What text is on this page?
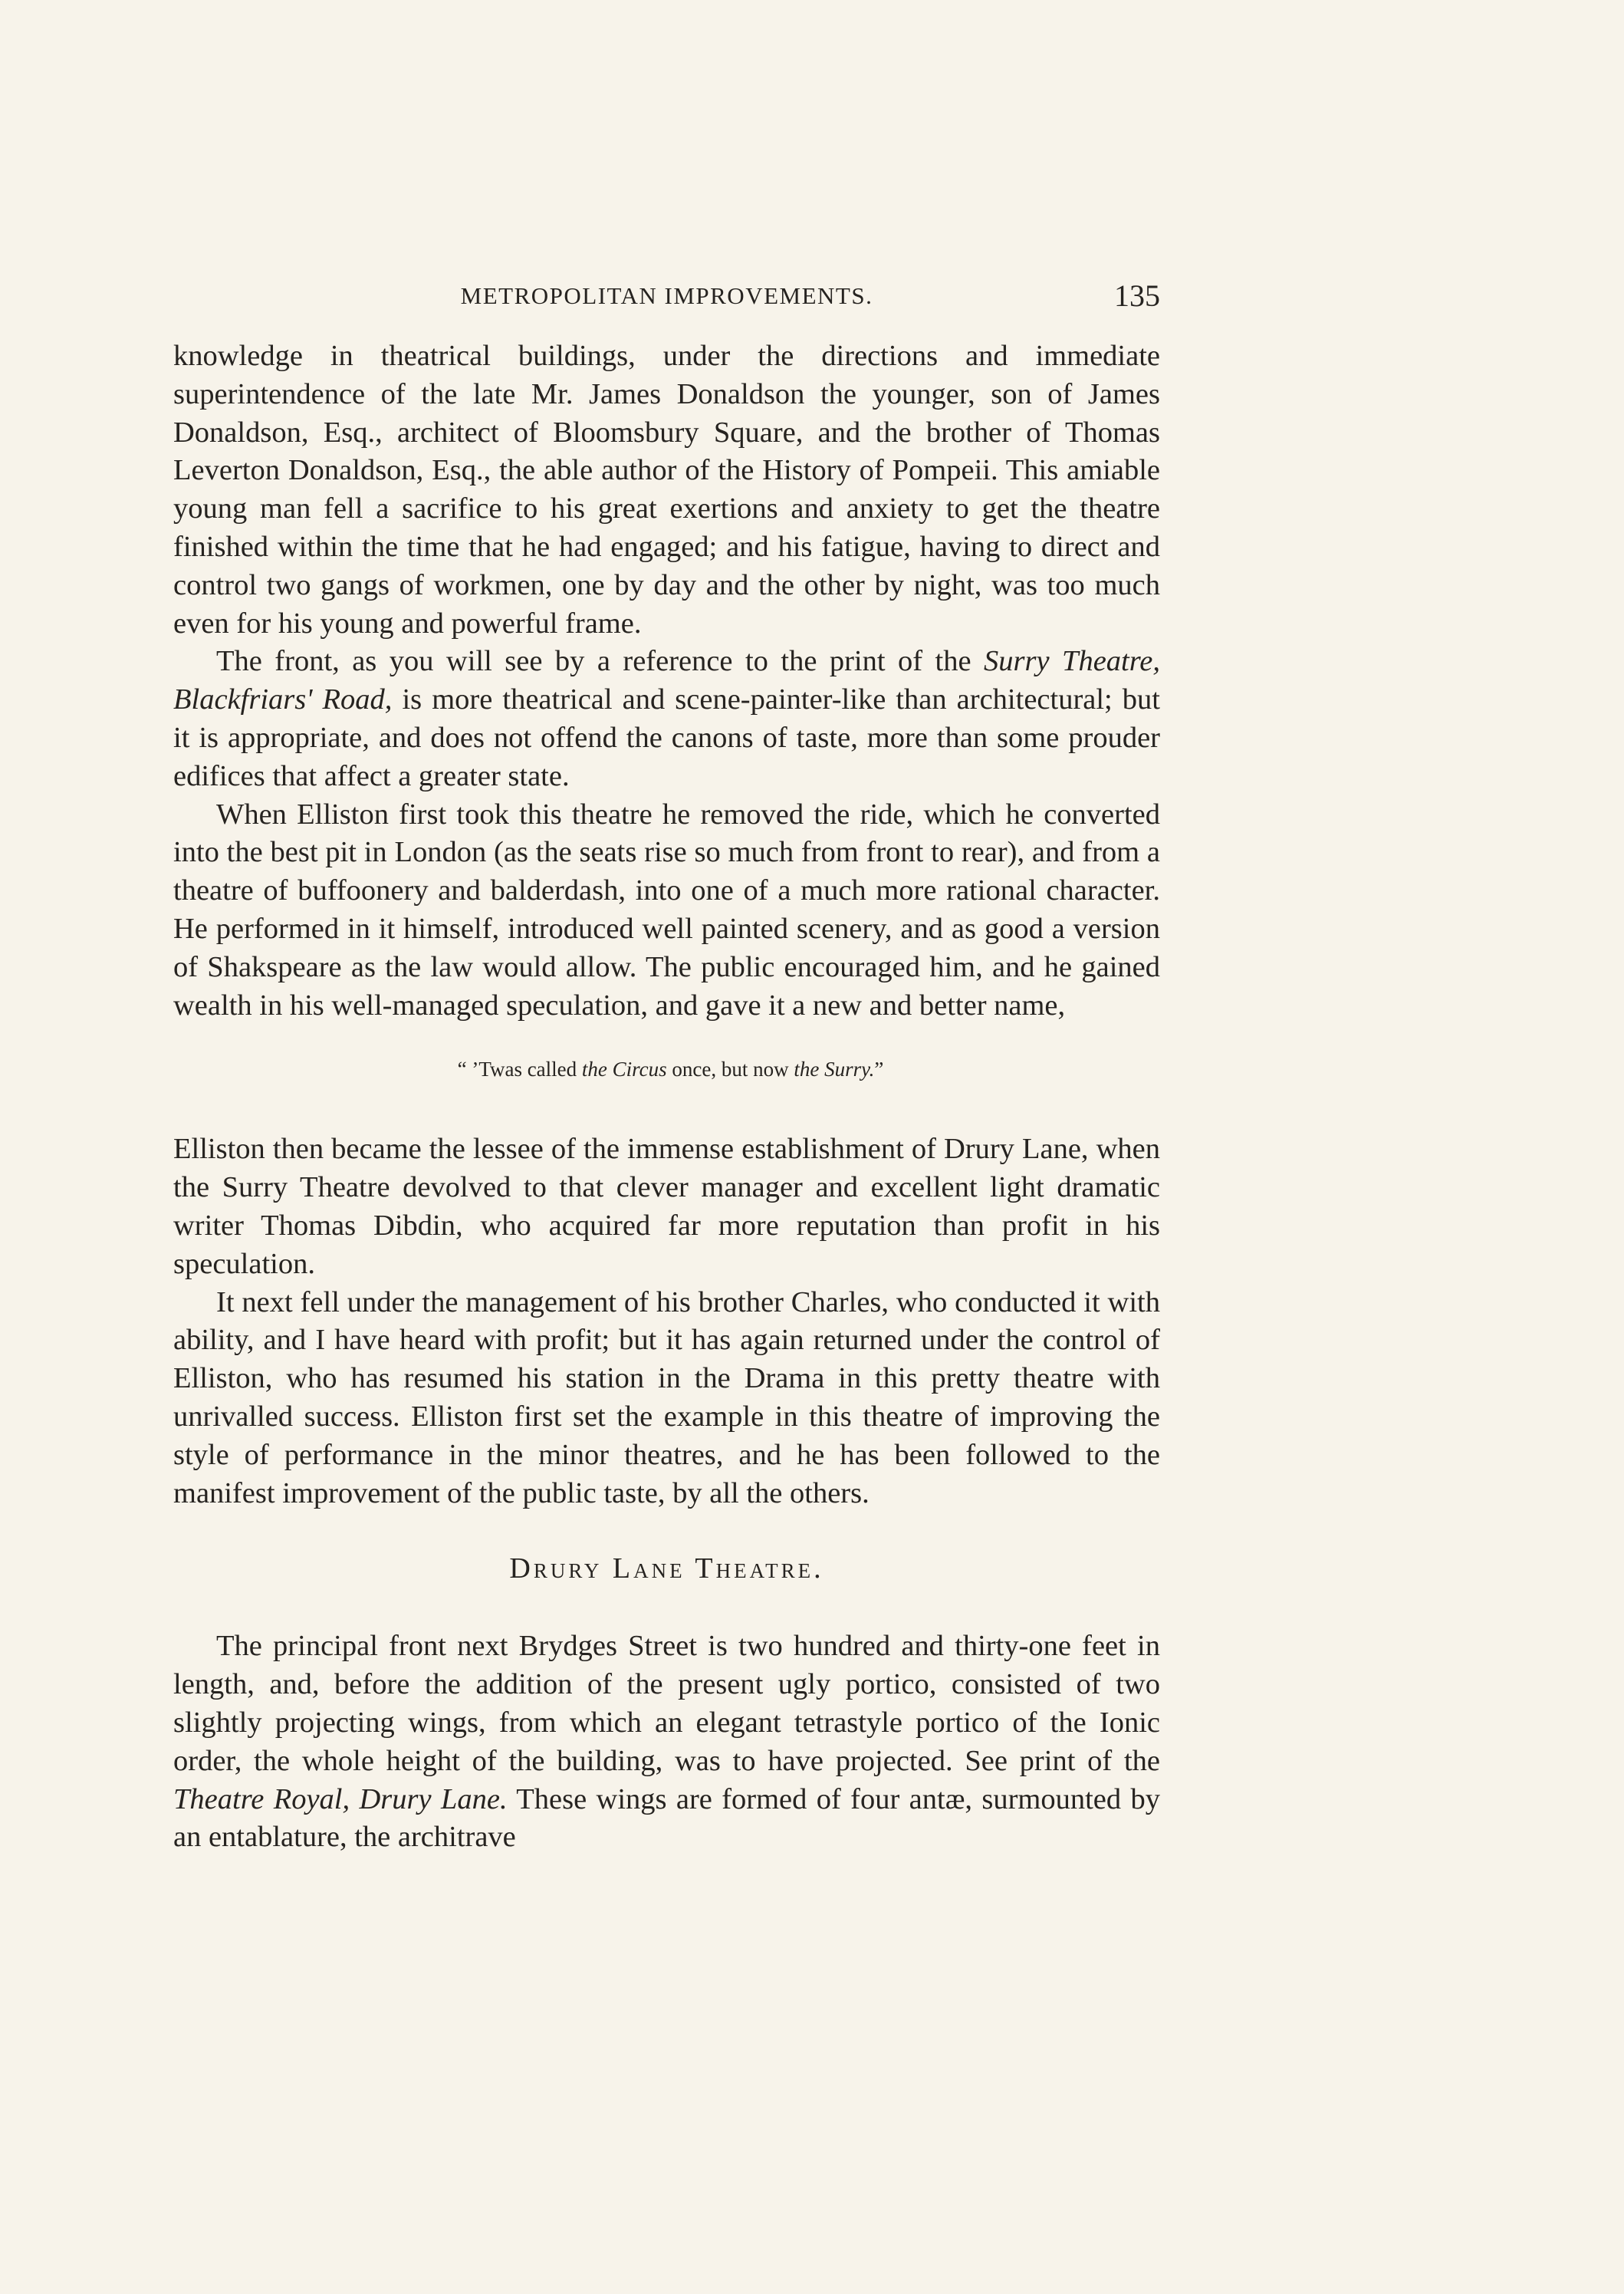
METROPOLITAN IMPROVEMENTS.	135

knowledge in theatrical buildings, under the directions and immediate superintendence of the late Mr. James Donaldson the younger, son of James Donaldson, Esq., architect of Bloomsbury Square, and the brother of Thomas Leverton Donaldson, Esq., the able author of the History of Pompeii. This amiable young man fell a sacrifice to his great exertions and anxiety to get the theatre finished within the time that he had engaged; and his fatigue, having to direct and control two gangs of workmen, one by day and the other by night, was too much even for his young and powerful frame.

The front, as you will see by a reference to the print of the Surry Theatre, Blackfriars' Road, is more theatrical and scene-painter-like than architectural; but it is appropriate, and does not offend the canons of taste, more than some prouder edifices that affect a greater state.

When Elliston first took this theatre he removed the ride, which he converted into the best pit in London (as the seats rise so much from front to rear), and from a theatre of buffoonery and balderdash, into one of a much more rational character. He performed in it himself, introduced well painted scenery, and as good a version of Shakspeare as the law would allow. The public encouraged him, and he gained wealth in his well-managed speculation, and gave it a new and better name,

“ ’Twas called the Circus once, but now the Surry.”

Elliston then became the lessee of the immense establishment of Drury Lane, when the Surry Theatre devolved to that clever manager and excellent light dramatic writer Thomas Dibdin, who acquired far more reputation than profit in his speculation.

It next fell under the management of his brother Charles, who conducted it with ability, and I have heard with profit; but it has again returned under the control of Elliston, who has resumed his station in the Drama in this pretty theatre with unrivalled success. Elliston first set the example in this theatre of improving the style of performance in the minor theatres, and he has been followed to the manifest improvement of the public taste, by all the others.

Drury Lane Theatre.

The principal front next Brydges Street is two hundred and thirty-one feet in length, and, before the addition of the present ugly portico, consisted of two slightly projecting wings, from which an elegant tetrastyle portico of the Ionic order, the whole height of the building, was to have projected. See print of the Theatre Royal, Drury Lane. These wings are formed of four antæ, surmounted by an entablature, the architrave
